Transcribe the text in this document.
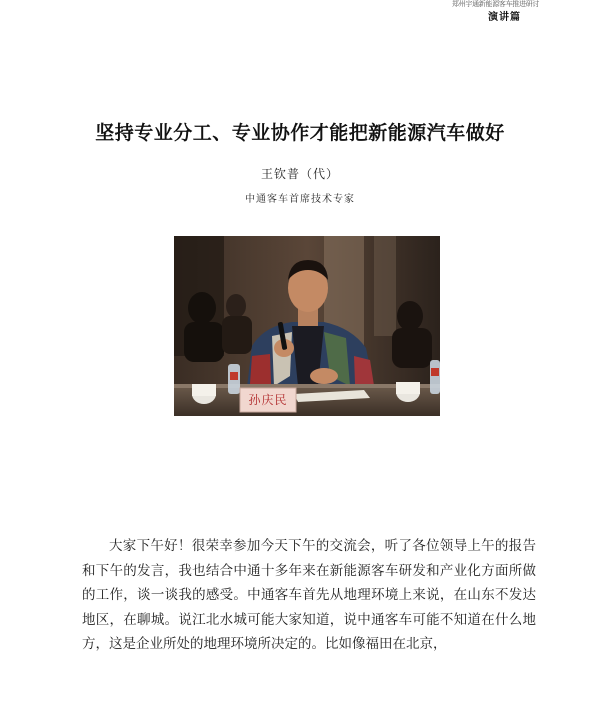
郑州宇通新能源客车推进研讨
演讲篇
坚持专业分工、专业协作才能把新能源汽车做好
王钦普（代）
中通客车首席技术专家
孙庆民

大家下午好！很荣幸参加今天下午的交流会，听了各位领导上午的报告和下午的发言，我也结合中通十多年来在新能源客车研发和产业化方面所做的工作，谈一谈我的感受。中通客车首先从地理环境上来说，在山东不发达地区，在聊城。说江北水城可能大家知道，说中通客车可能不知道在什么地方，这是企业所处的地理环境所决定的。比如像福田在北京，
